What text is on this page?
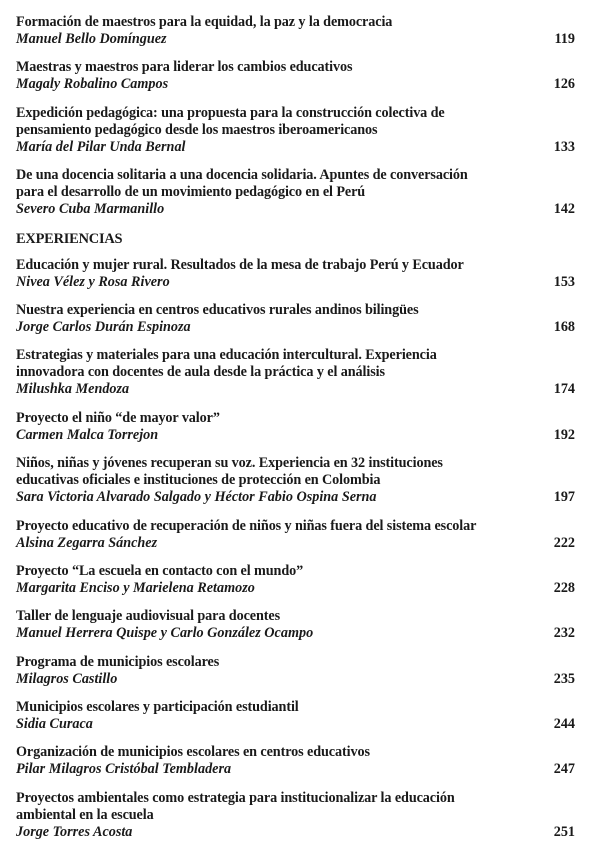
Formación de maestros para la equidad, la paz y la democracia
Manuel Bello Domínguez	119
Maestras y maestros para liderar los cambios educativos
Magaly Robalino Campos	126
Expedición pedagógica: una propuesta para la construcción colectiva de
pensamiento pedagógico desde los maestros iberoamericanos
María del Pilar Unda Bernal	133
De una docencia solitaria a una docencia solidaria. Apuntes de conversación
para el desarrollo de un movimiento pedagógico en el Perú
Severo Cuba Marmanillo	142
EXPERIENCIAS
Educación y mujer rural. Resultados de la mesa de trabajo Perú y Ecuador
Nivea Vélez y Rosa Rivero	153
Nuestra experiencia en centros educativos rurales andinos bilingües
Jorge Carlos Durán Espinoza	168
Estrategias y materiales para una educación intercultural. Experiencia
innovadora con docentes de aula desde la práctica y el análisis
Milushka Mendoza	174
Proyecto el niño “de mayor valor”
Carmen Malca Torrejon	192
Niños, niñas y jóvenes recuperan su voz. Experiencia en 32 instituciones
educativas oficiales e instituciones de protección en Colombia
Sara Victoria Alvarado Salgado y Héctor Fabio Ospina Serna	197
Proyecto educativo de recuperación de niños y niñas fuera del sistema escolar
Alsina Zegarra Sánchez	222
Proyecto “La escuela en contacto con el mundo”
Margarita Enciso y Marielena Retamozo	228
Taller de lenguaje audiovisual para docentes
Manuel Herrera Quispe y Carlo González Ocampo	232
Programa de municipios escolares
Milagros Castillo	235
Municipios escolares y participación estudiantil
Sidia Curaca	244
Organización de municipios escolares en centros educativos
Pilar Milagros Cristóbal Tembladera	247
Proyectos ambientales como estrategia para institucionalizar la educación
ambiental en la escuela
Jorge Torres Acosta	251
